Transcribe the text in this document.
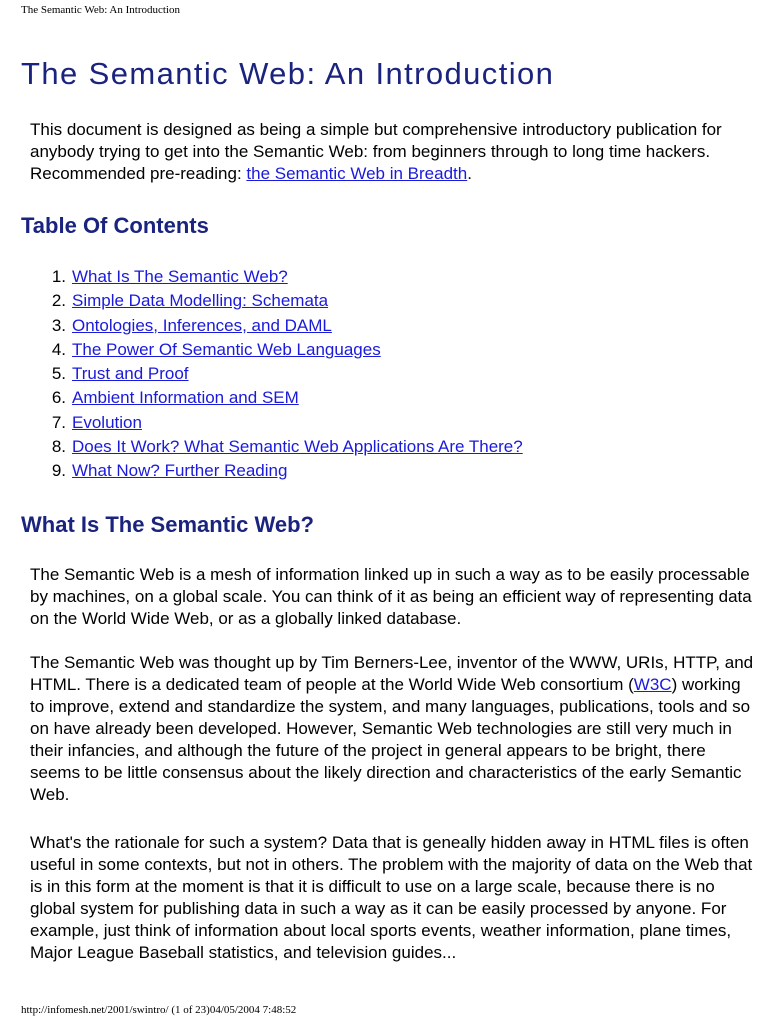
The Semantic Web: An Introduction
The Semantic Web: An Introduction

This document is designed as being a simple but comprehensive introductory publication for anybody trying to get into the Semantic Web: from beginners through to long time hackers. Recommended pre-reading: the Semantic Web in Breadth.

Table Of Contents
1. What Is The Semantic Web?
2. Simple Data Modelling: Schemata
3. Ontologies, Inferences, and DAML
4. The Power Of Semantic Web Languages
5. Trust and Proof
6. Ambient Information and SEM
7. Evolution
8. Does It Work? What Semantic Web Applications Are There?
9. What Now? Further Reading
What Is The Semantic Web?

The Semantic Web is a mesh of information linked up in such a way as to be easily processable by machines, on a global scale. You can think of it as being an efficient way of representing data on the World Wide Web, or as a globally linked database.

The Semantic Web was thought up by Tim Berners-Lee, inventor of the WWW, URIs, HTTP, and HTML. There is a dedicated team of people at the World Wide Web consortium (W3C) working to improve, extend and standardize the system, and many languages, publications, tools and so on have already been developed. However, Semantic Web technologies are still very much in their infancies, and although the future of the project in general appears to be bright, there seems to be little consensus about the likely direction and characteristics of the early Semantic Web.

What's the rationale for such a system? Data that is geneally hidden away in HTML files is often useful in some contexts, but not in others. The problem with the majority of data on the Web that is in this form at the moment is that it is difficult to use on a large scale, because there is no global system for publishing data in such a way as it can be easily processed by anyone. For example, just think of information about local sports events, weather information, plane times, Major League Baseball statistics, and television guides...

http://infomesh.net/2001/swintro/ (1 of 23)04/05/2004 7:48:52
